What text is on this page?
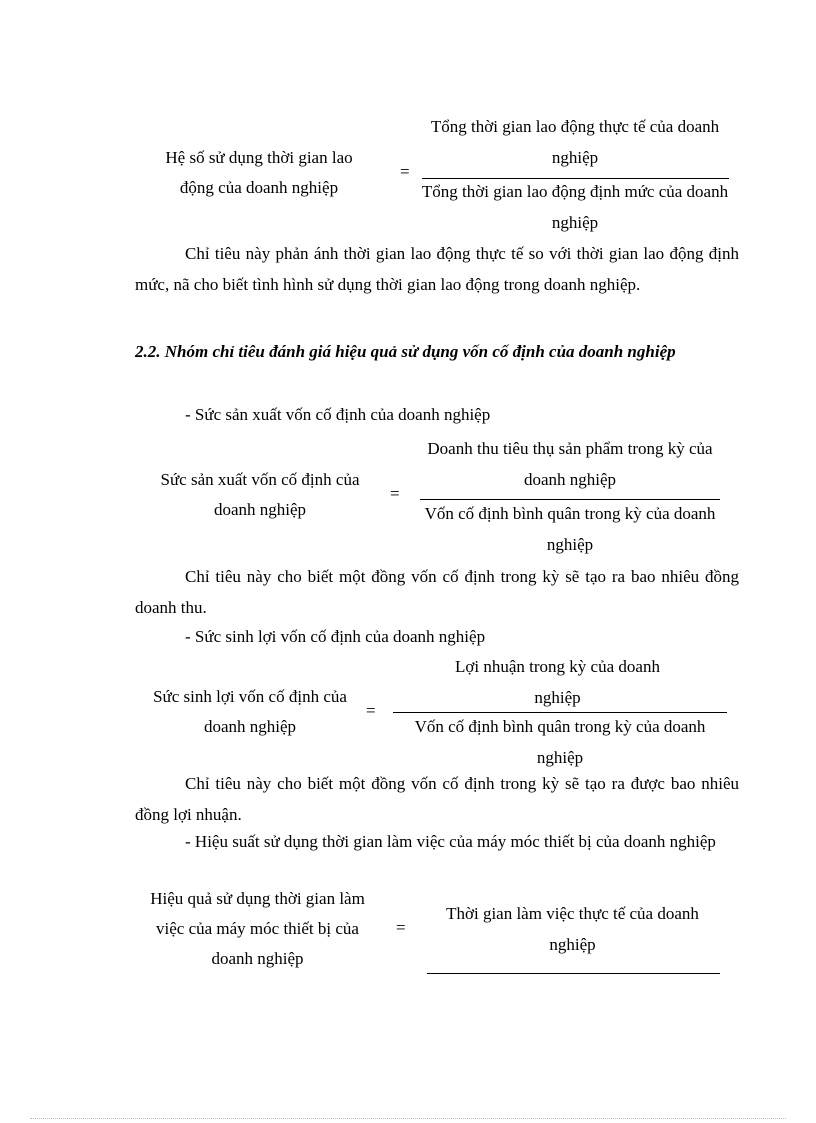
Hệ số sử dụng thời gian lao động của doanh nghiệp
=
Tổng thời gian lao động thực tế của doanh nghiệp
Tổng thời gian lao động định mức của doanh nghiệp
Chỉ tiêu này phản ánh thời gian lao động thực tế so với thời gian lao động định mức, nã cho biết tình hình sử dụng thời gian lao động trong doanh nghiệp.
2.2. Nhóm chỉ tiêu đánh giá hiệu quả sử dụng vốn cố định của doanh nghiệp
- Sức sản xuất vốn cố định của doanh nghiệp
Sức sản xuất vốn cố định của doanh nghiệp
=
Doanh thu tiêu thụ sản phẩm trong kỳ của doanh nghiệp
Vốn cố định bình quân trong kỳ của doanh nghiệp
Chỉ tiêu này cho biết một đồng vốn cố định trong kỳ sẽ tạo ra bao nhiêu đồng doanh thu.
- Sức sinh lợi vốn cố định của doanh nghiệp
Sức sinh lợi vốn cố định của doanh nghiệp
=
Lợi nhuận trong kỳ của doanh nghiệp
Vốn cố định bình quân trong kỳ của doanh nghiệp
Chỉ tiêu này cho biết một đồng vốn cố định trong kỳ sẽ tạo ra được bao nhiêu đồng lợi nhuận.
- Hiệu suất sử dụng thời gian làm việc của máy móc thiết bị của doanh nghiệp
Hiệu quả sử dụng thời gian làm việc của máy móc thiết bị của doanh nghiệp
=
Thời gian làm việc thực tế của doanh nghiệp
